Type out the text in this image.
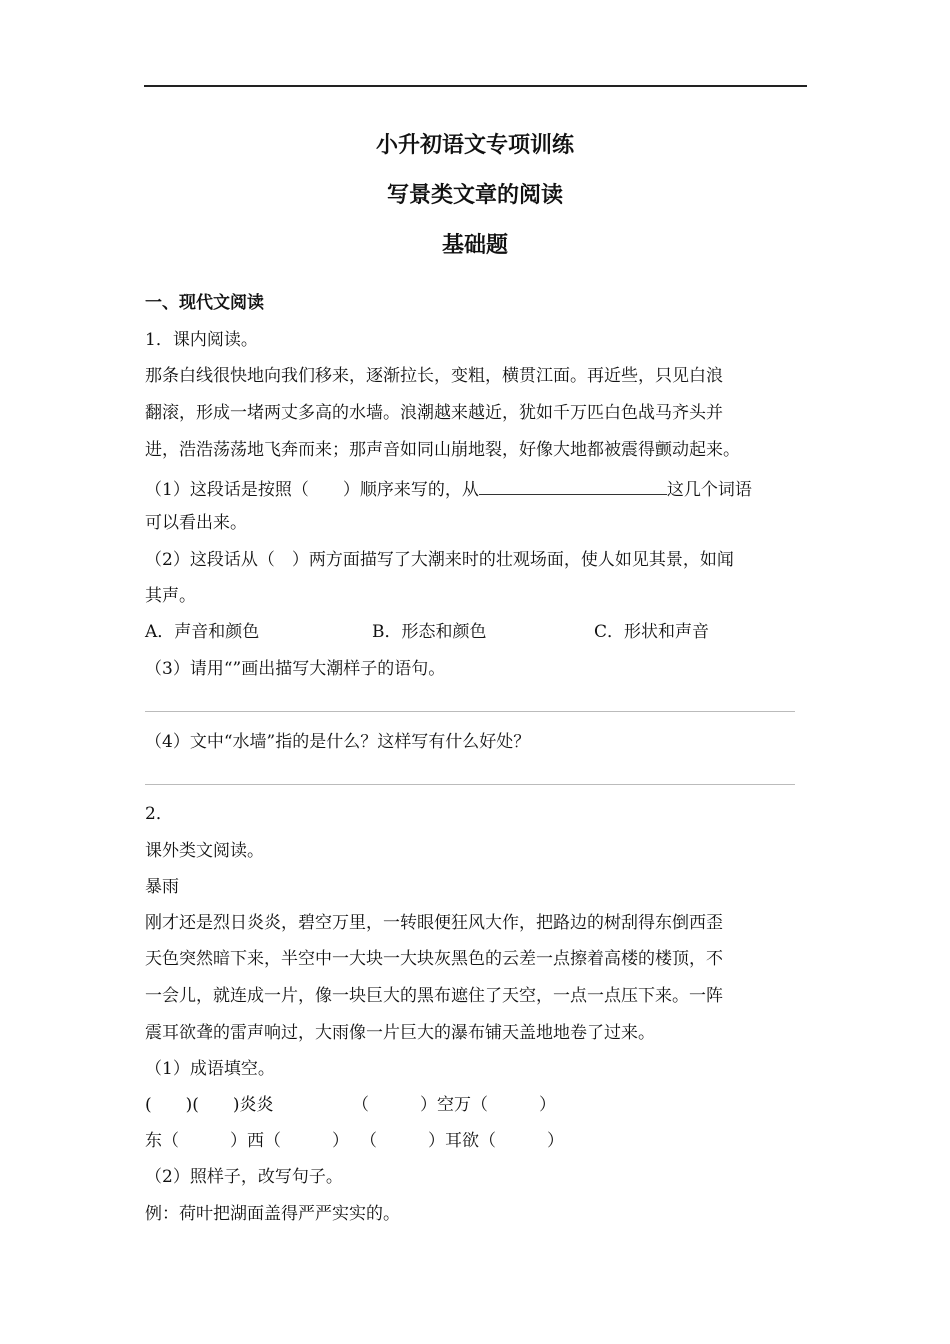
小升初语文专项训练
写景类文章的阅读
基础题
一、现代文阅读
1．课内阅读。
那条白线很快地向我们移来，逐渐拉长，变粗，横贯江面。再近些，只见白浪
翻滚，形成一堵两丈多高的水墙。浪潮越来越近，犹如千万匹白色战马齐头并
进，浩浩荡荡地飞奔而来；那声音如同山崩地裂，好像大地都被震得颤动起来。
（1）这段话是按照（　　）顺序来写的，从	这几个词语
可以看出来。
（2）这段话从（　）两方面描写了大潮来时的壮观场面，使人如见其景，如闻
其声。
A．声音和颜色	B．形态和颜色	C．形状和声音
（3）请用“”画出描写大潮样子的语句。
（4）文中“水墙”指的是什么？这样写有什么好处？
2．
课外类文阅读。
暴雨
刚才还是烈日炎炎，碧空万里，一转眼便狂风大作，把路边的树刮得东倒西歪
天色突然暗下来，半空中一大块一大块灰黑色的云差一点擦着高楼的楼顶，不
一会儿，就连成一片，像一块巨大的黑布遮住了天空，一点一点压下来。一阵
震耳欲聋的雷声响过，大雨像一片巨大的瀑布铺天盖地地卷了过来。
（1）成语填空。
(　　)(　　)炎炎	（　　　）空万（　　　）
东（　　　）西（　　　） （　　　）耳欲（　　　）
（2）照样子，改写句子。
例：荷叶把湖面盖得严严实实的。
